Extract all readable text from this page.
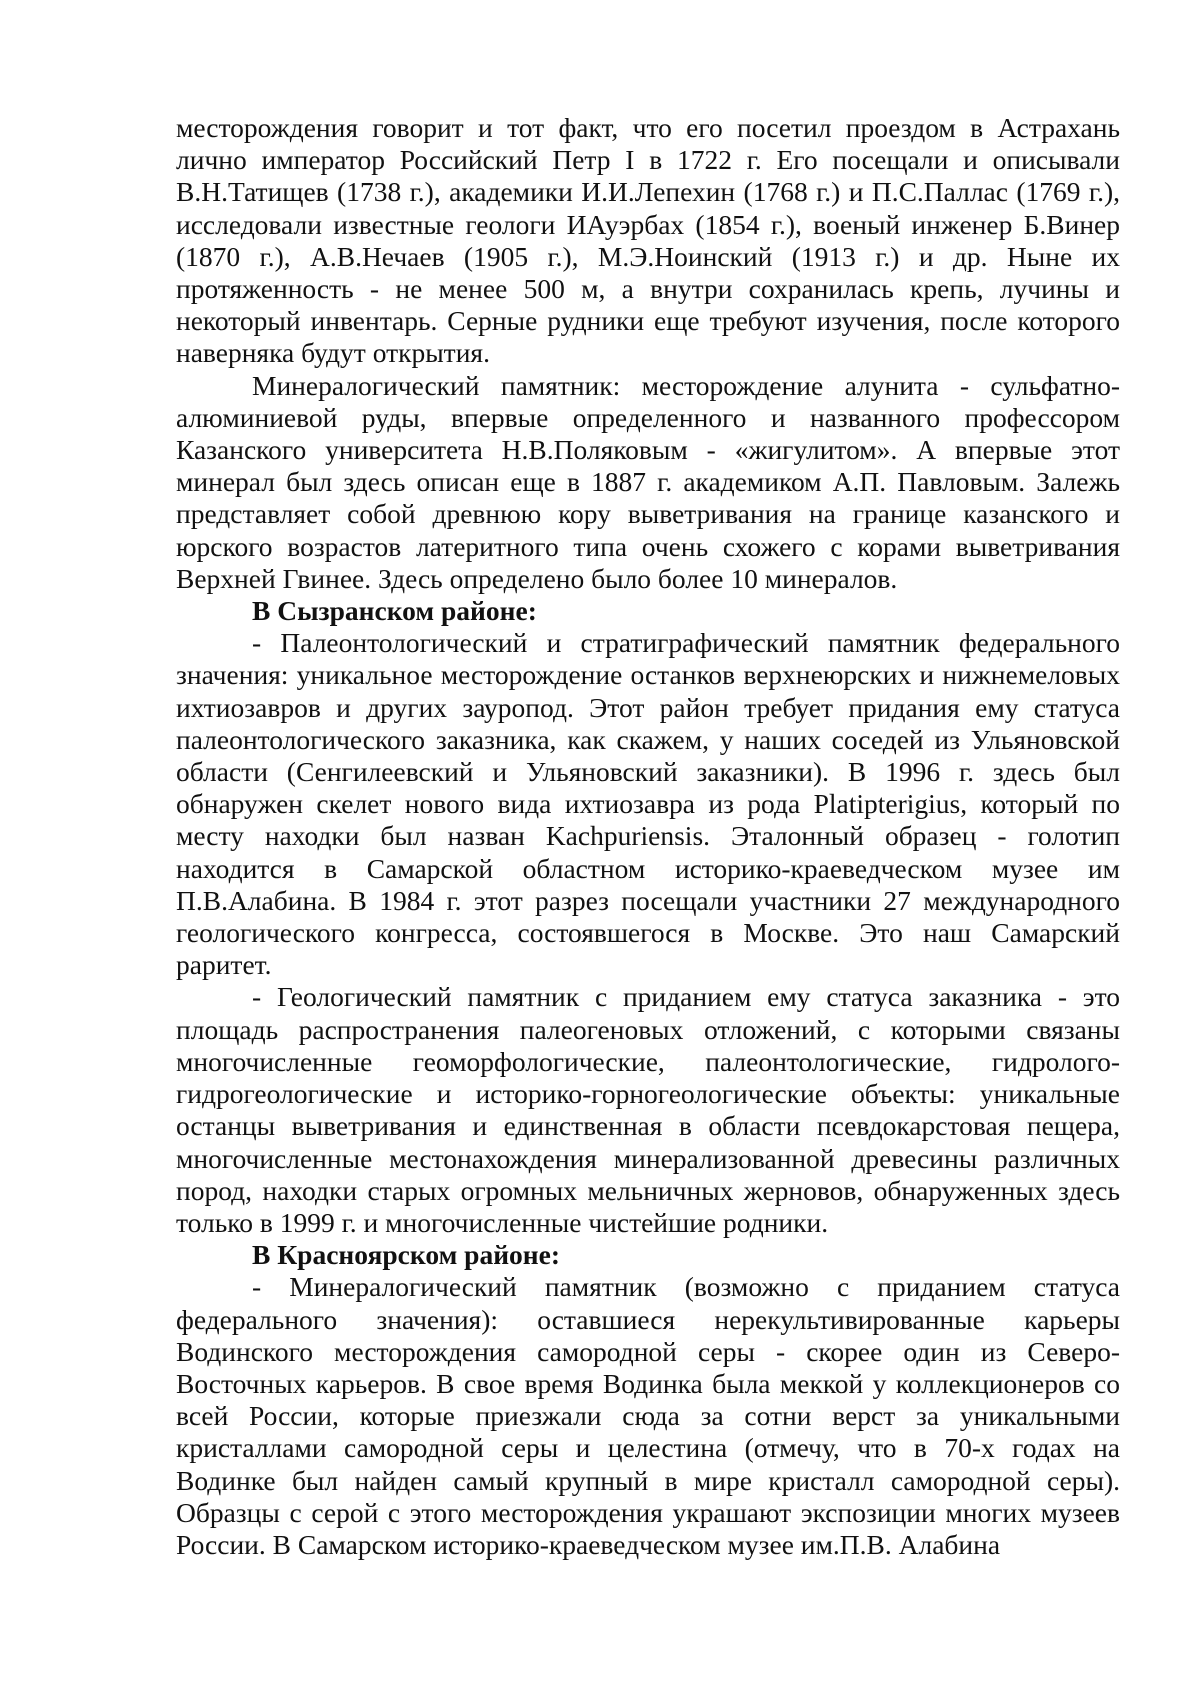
месторождения говорит и тот факт, что его посетил проездом в Астрахань лично император Российский Петр I в 1722 г. Его посещали и описывали В.Н.Татищев (1738 г.), академики И.И.Лепехин (1768 г.) и П.С.Паллас (1769 г.), исследовали известные геологи ИАуэрбах (1854 г.), военый инженер Б.Винер (1870 г.), А.В.Нечаев (1905 г.), М.Э.Ноинский (1913 г.) и др. Ныне их протяженность - не менее 500 м, а внутри сохранилась крепь, лучины и некоторый инвентарь. Серные рудники еще требуют изучения, после которого наверняка будут открытия.

Минералогический памятник: месторождение алунита - сульфатно-алюминиевой руды, впервые определенного и названного профессором Казанского университета Н.В.Поляковым - «жигулитом». А впервые этот минерал был здесь описан еще в 1887 г. академиком А.П. Павловым. Залежь представляет собой древнюю кору выветривания на границе казанского и юрского возрастов латеритного типа очень схожего с корами выветривания Верхней Гвинее. Здесь определено было более 10 минералов.

В Сызранском районе:

- Палеонтологический и стратиграфический памятник федерального значения: уникальное месторождение останков верхнеюрских и нижнемеловых ихтиозавров и других зауропод. Этот район требует придания ему статуса палеонтологического заказника, как скажем, у наших соседей из Ульяновской области (Сенгилеевский и Ульяновский заказники). В 1996 г. здесь был обнаружен скелет нового вида ихтиозавра из рода Platipterigius, который по месту находки был назван Kachpuriensis. Эталонный образец - голотип находится в Самарской областном историко-краеведческом музее им П.В.Алабина. В 1984 г. этот разрез посещали участники 27 международного геологического конгресса, состоявшегося в Москве. Это наш Самарский раритет.

- Геологический памятник с приданием ему статуса заказника - это площадь распространения палеогеновых отложений, с которыми связаны многочисленные геоморфологические, палеонтологические, гидролого-гидрогеологические и историко-горногеологические объекты: уникальные останцы выветривания и единственная в области псевдокарстовая пещера, многочисленные местонахождения минерализованной древесины различных пород, находки старых огромных мельничных жерновов, обнаруженных здесь только в 1999 г. и многочисленные чистейшие родники.

В Красноярском районе:

- Минералогический памятник (возможно с приданием статуса федерального значения): оставшиеся нерекультивированные карьеры Водинского месторождения самородной серы - скорее один из Северо-Восточных карьеров. В свое время Водинка была меккой у коллекционеров со всей России, которые приезжали сюда за сотни верст за уникальными кристаллами самородной серы и целестина (отмечу, что в 70-х годах на Водинке был найден самый крупный в мире кристалл самородной серы). Образцы с серой с этого месторождения украшают экспозиции многих музеев России. В Самарском историко-краеведческом музее им.П.В. Алабина
